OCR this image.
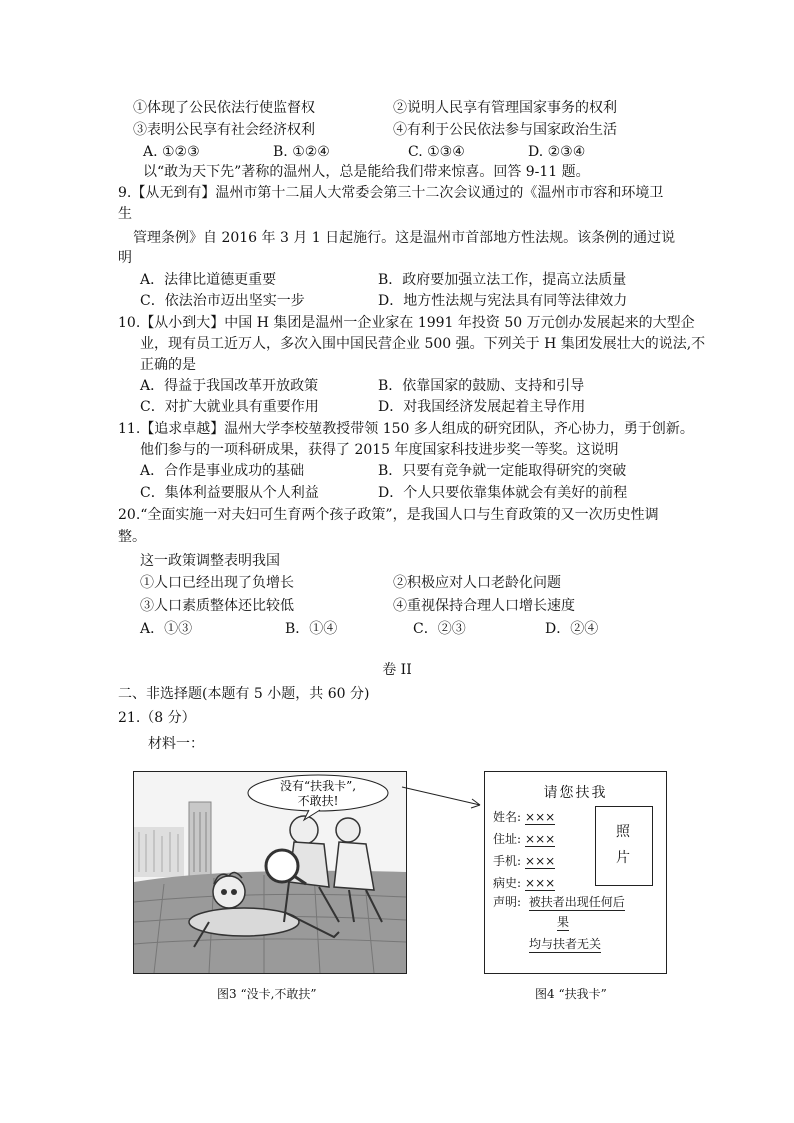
①体现了公民依法行使监督权	②说明人民享有管理国家事务的权利
③表明公民享有社会经济权利	④有利于公民依法参与国家政治生活
A. ①②③	B. ①②④	C. ①③④	D. ②③④
以“敢为天下先”著称的温州人，总是能给我们带来惊喜。回答 9-11 题。
9.【从无到有】温州市第十二届人大常委会第三十二次会议通过的《温州市市容和环境卫
生
管理条例》自 2016 年 3 月 1 日起施行。这是温州市首部地方性法规。该条例的通过说
明
A．法律比道德更重要	B．政府要加强立法工作，提高立法质量
C．依法治市迈出坚实一步	D．地方性法规与宪法具有同等法律效力
10.【从小到大】中国 H 集团是温州一企业家在 1991 年投资 50 万元创办发展起来的大型企
业，现有员工近万人，多次入围中国民营企业 500 强。下列关于 H 集团发展壮大的说法,不
正确的是
A．得益于我国改革开放政策	B．依靠国家的鼓励、支持和引导
C．对扩大就业具有重要作用	D．对我国经济发展起着主导作用
11.【追求卓越】温州大学李校堃教授带领 150 多人组成的研究团队，齐心协力，勇于创新。
他们参与的一项科研成果，获得了 2015 年度国家科技进步奖一等奖。这说明
A．合作是事业成功的基础	B．只要有竞争就一定能取得研究的突破
C．集体利益要服从个人利益	D．个人只要依靠集体就会有美好的前程
20.“全面实施一对夫妇可生育两个孩子政策”，是我国人口与生育政策的又一次历史性调
整。
这一政策调整表明我国
①人口已经出现了负增长	②积极应对人口老龄化问题
③人口素质整体还比较低	④重视保持合理人口增长速度
A．①③	B．①④	C．②③	D．②④
卷 II
二、非选择题(本题有 5 小题，共 60 分)
21.（8 分）
材料一：
没有“扶我卡”,
不敢扶!	请您扶我
姓名: ×××
住址: ×××
手机: ×××
病史: ×××
照
片
声明: 被扶者出现任何后
果
均与扶者无关
图3 “没卡,不敢扶”	图4 “扶我卡”
